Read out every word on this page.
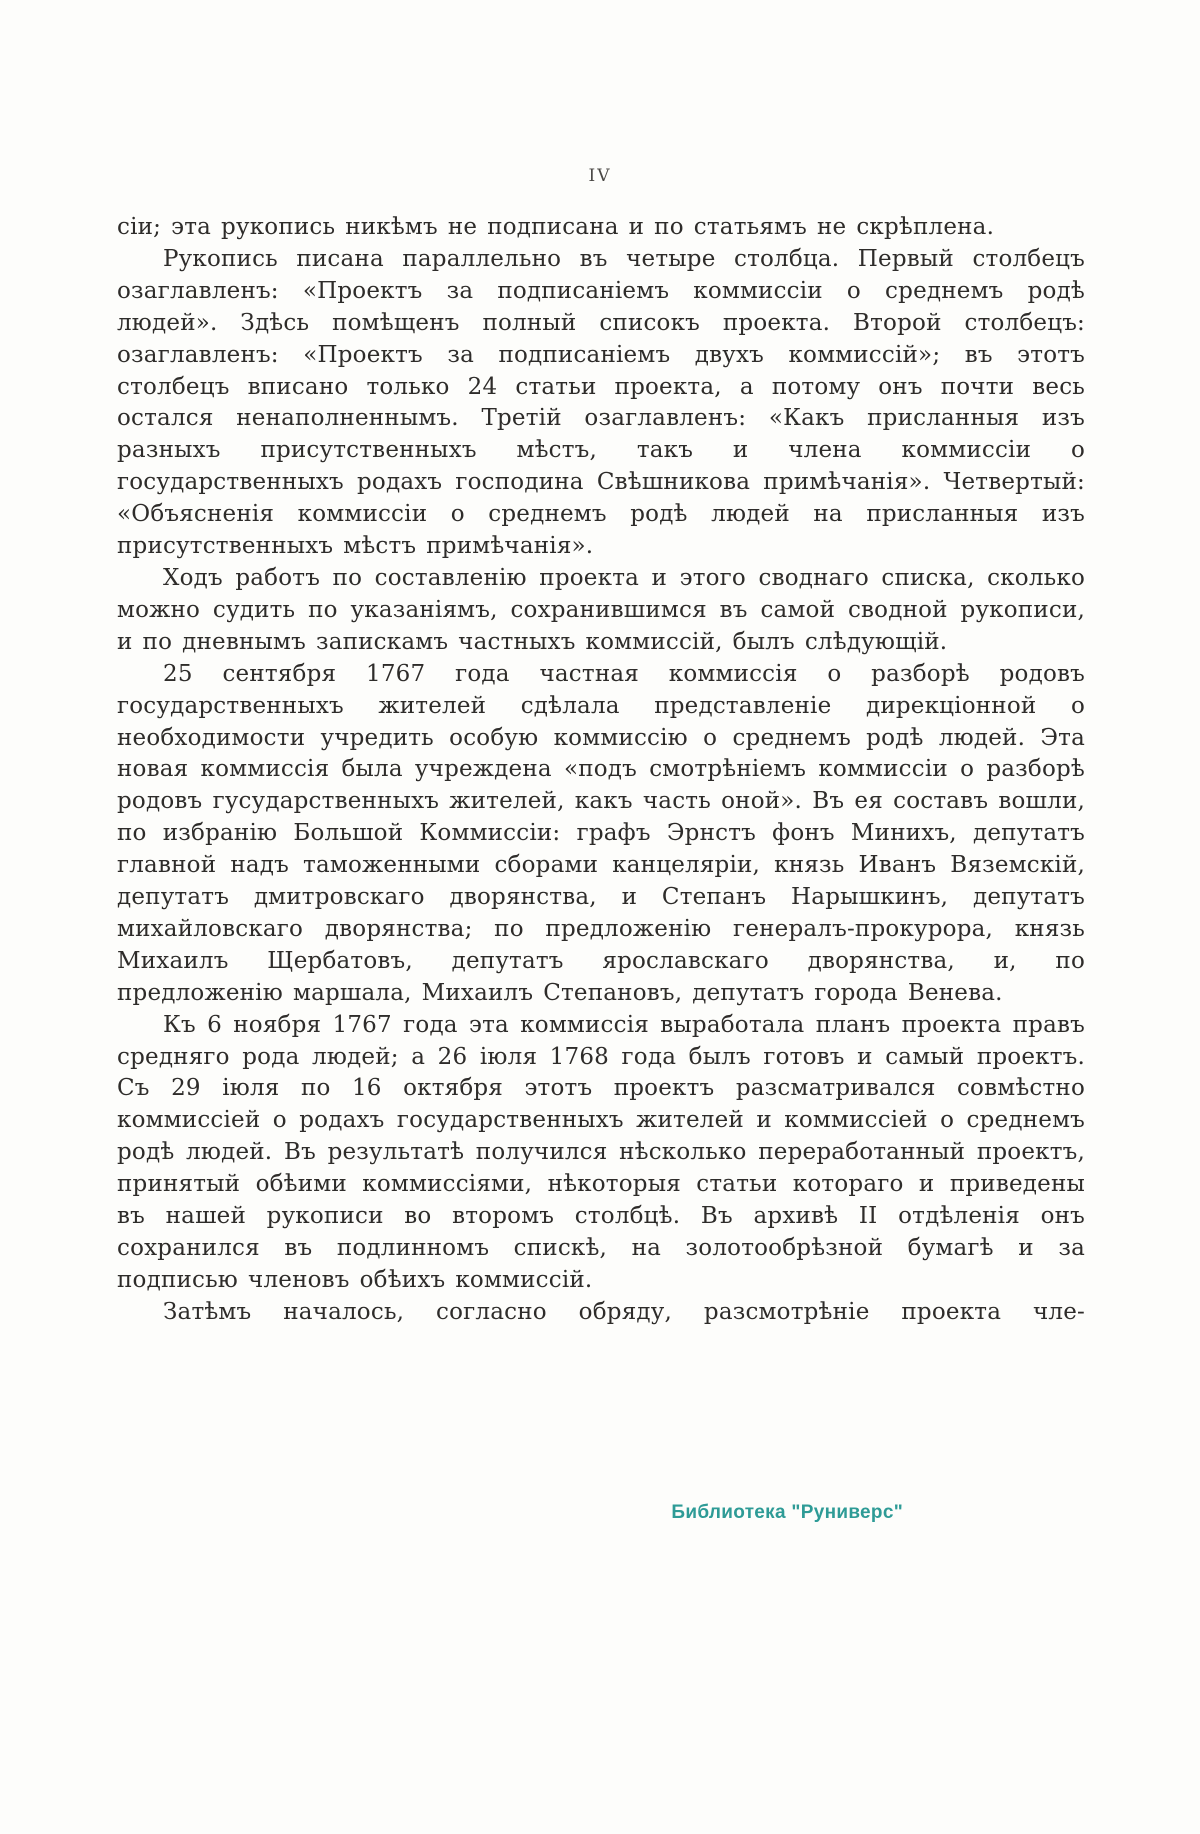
IV

сіи; эта рукопись никѣмъ не подписана и по статьямъ не скрѣплена.

Рукопись писана параллельно въ четыре столбца. Первый столбецъ озаглавленъ: «Проектъ за подписаніемъ коммиссіи о среднемъ родѣ людей». Здѣсь помѣщенъ полный списокъ проекта. Второй столбецъ: озаглавленъ: «Проектъ за подписаніемъ двухъ коммиссій»; въ этотъ столбецъ вписано только 24 статьи проекта, а потому онъ почти весь остался ненаполненнымъ. Третій озаглавленъ: «Какъ присланныя изъ разныхъ присутственныхъ мѣстъ, такъ и члена коммиссіи о государственныхъ родахъ господина Свѣшникова примѣчанія». Четвертый: «Объясненія коммиссіи о среднемъ родѣ людей на присланныя изъ присутственныхъ мѣстъ примѣчанія».

Ходъ работъ по составленію проекта и этого своднаго списка, сколько можно судить по указаніямъ, сохранившимся въ самой сводной рукописи, и по дневнымъ запискамъ частныхъ коммиссій, былъ слѣдующій.

25 сентября 1767 года частная коммиссія о разборѣ родовъ государственныхъ жителей сдѣлала представленіе дирекціонной о необходимости учредить особую коммиссію о среднемъ родѣ людей. Эта новая коммиссія была учреждена «подъ смотрѣніемъ коммиссіи о разборѣ родовъ гусударственныхъ жителей, какъ часть оной». Въ ея составъ вошли, по избранію Большой Коммиссіи: графъ Эрнстъ фонъ Минихъ, депутатъ главной надъ таможенными сборами канцеляріи, князь Иванъ Вяземскій, депутатъ дмитровскаго дворянства, и Степанъ Нарышкинъ, депутатъ михайловскаго дворянства; по предложенію генералъ-прокурора, князь Михаилъ Щербатовъ, депутатъ ярославскаго дворянства, и, по предложенію маршала, Михаилъ Степановъ, депутатъ города Венева.

Къ 6 ноября 1767 года эта коммиссія выработала планъ проекта правъ средняго рода людей; а 26 іюля 1768 года былъ готовъ и самый проектъ. Съ 29 іюля по 16 октября этотъ проектъ разсматривался совмѣстно коммиссіей о родахъ государственныхъ жителей и коммиссіей о среднемъ родѣ людей. Въ результатѣ получился нѣсколько переработанный проектъ, принятый обѣими коммиссіями, нѣкоторыя статьи котораго и приведены въ нашей рукописи во второмъ столбцѣ. Въ архивѣ II отдѣленія онъ сохранился въ подлинномъ спискѣ, на золотообрѣзной бумагѣ и за подписью членовъ обѣихъ коммиссій.

Затѣмъ началось, согласно обряду, разсмотрѣніе проекта чле-

Библиотека "Руниверс"
